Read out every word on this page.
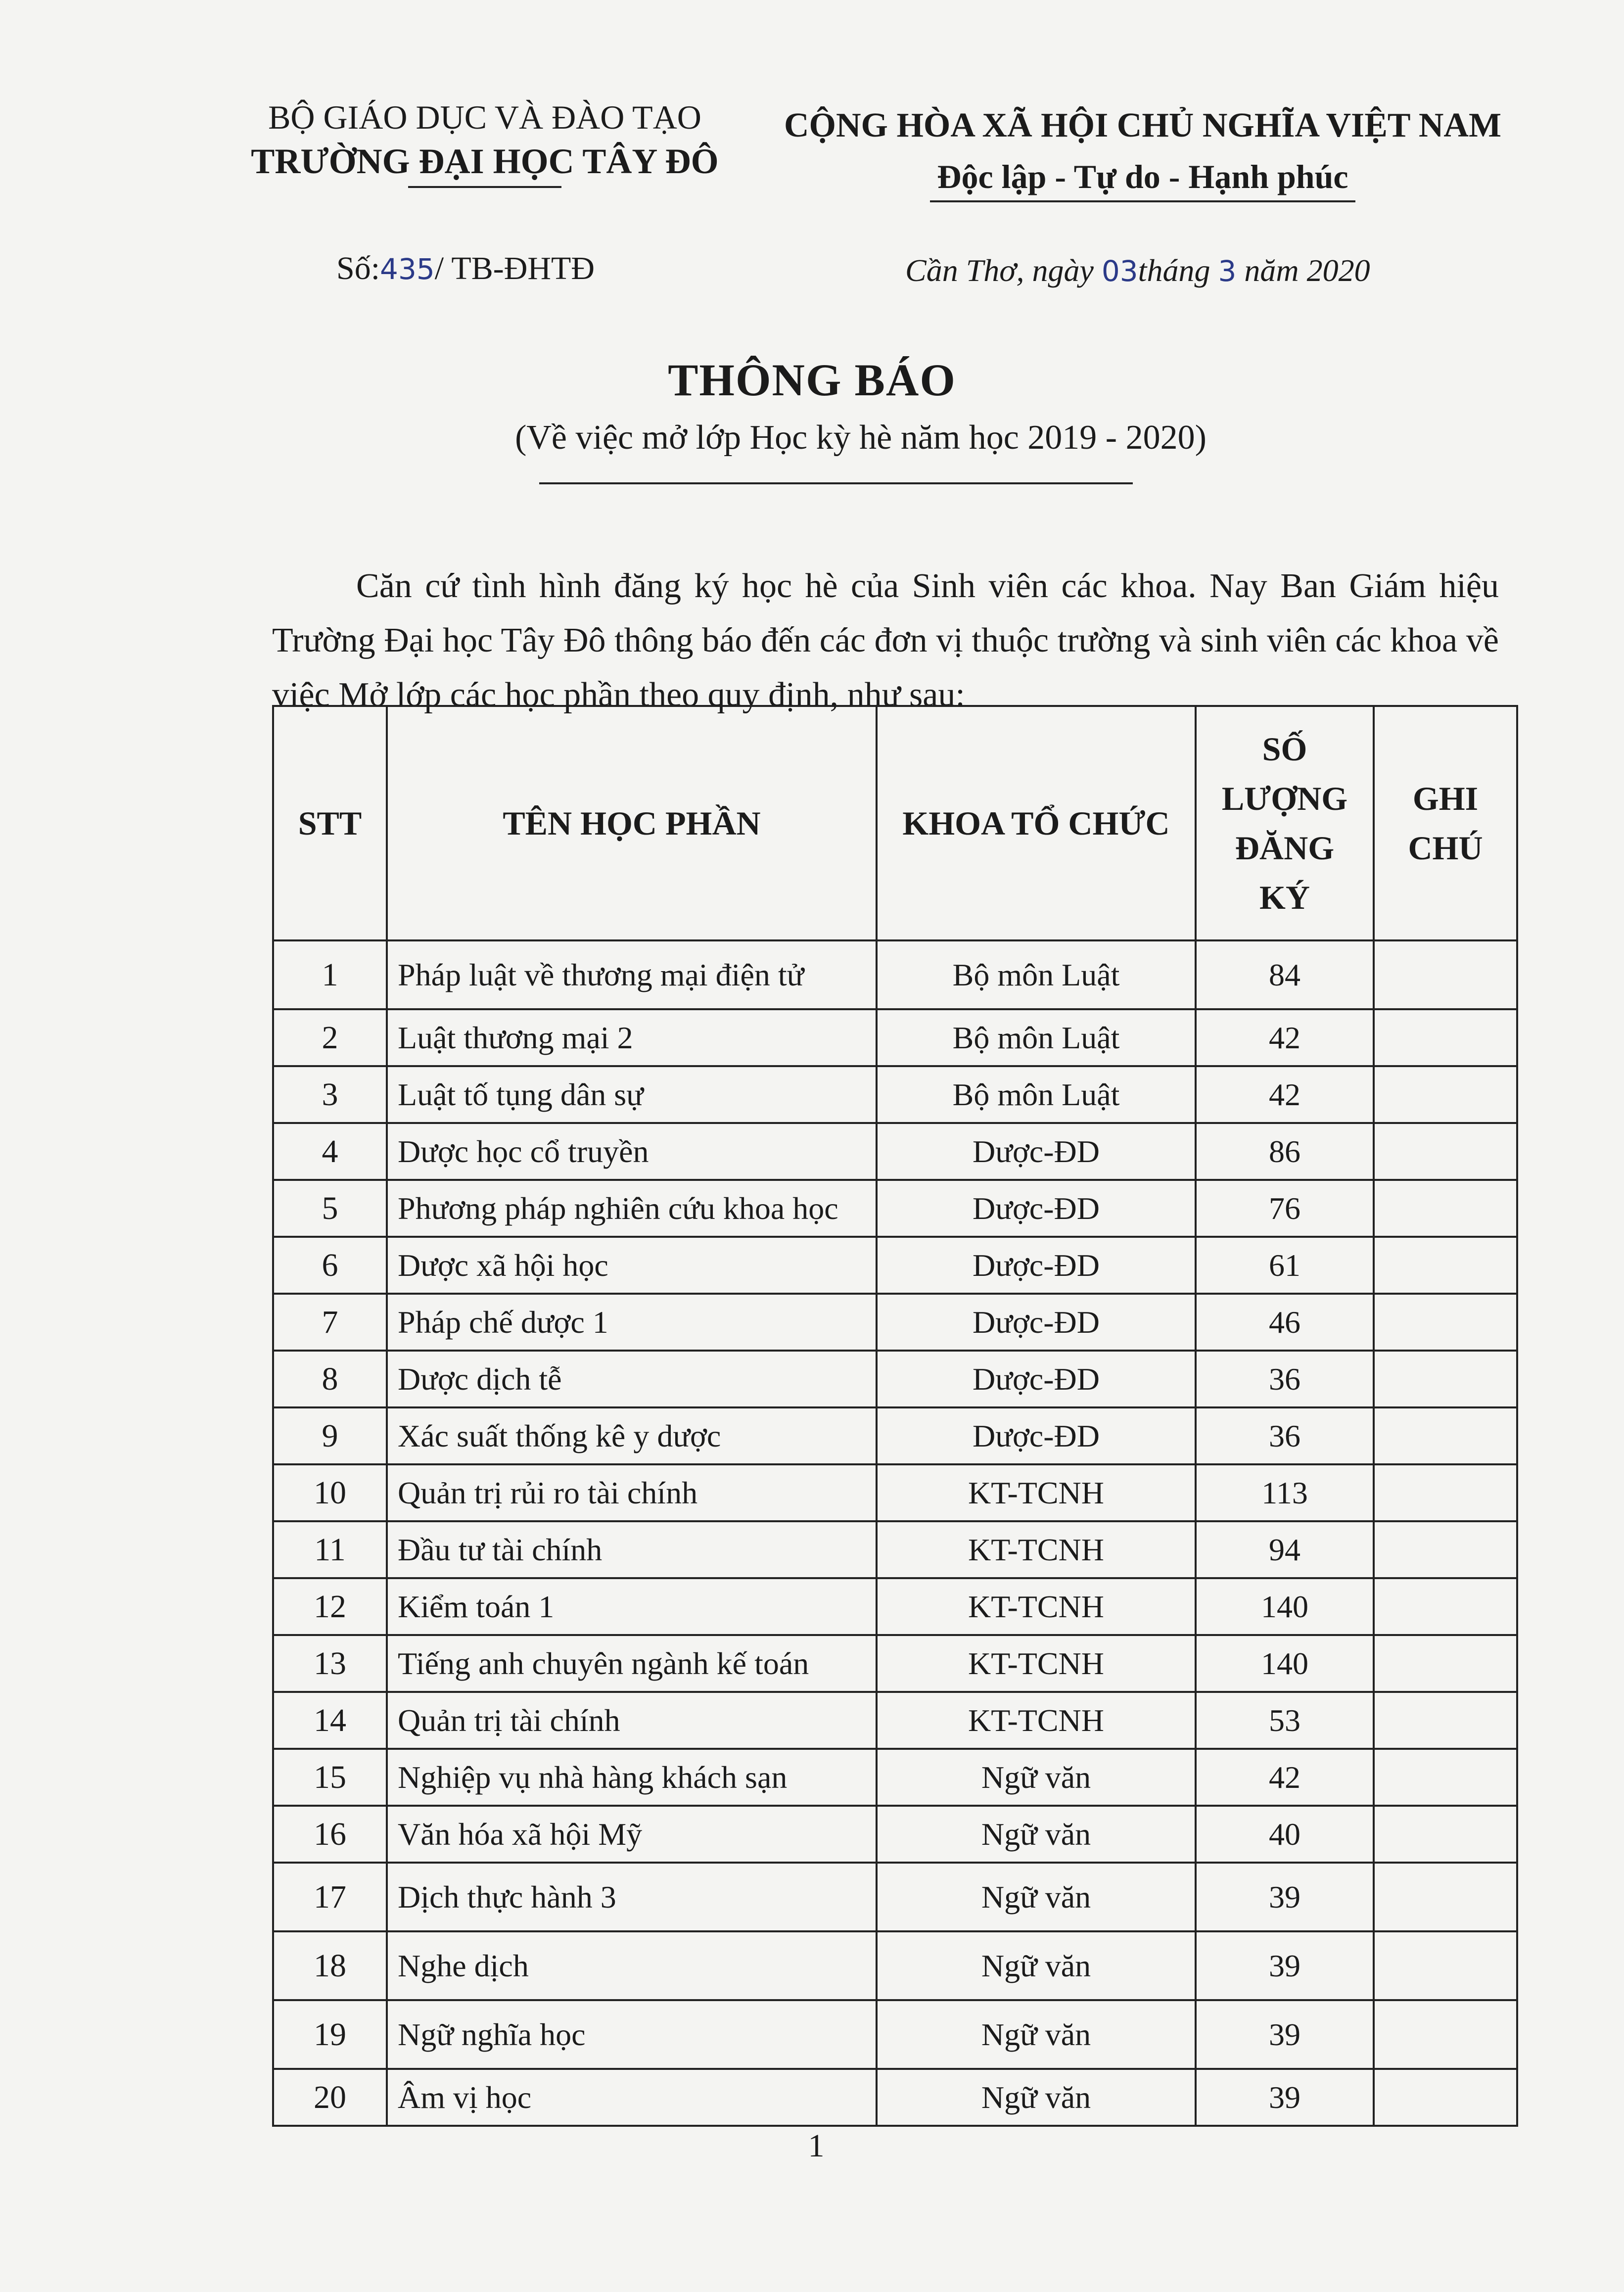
BỘ GIÁO DỤC VÀ ĐÀO TẠO
TRƯỜNG ĐẠI HỌC TÂY ĐÔ
CỘNG HÒA XÃ HỘI CHỦ NGHĨA VIỆT NAM
Độc lập - Tự do - Hạnh phúc
Số:435/ TB-ĐHTĐ	Cần Thơ, ngày 03tháng 3 năm 2020
THÔNG BÁO
(Về việc mở lớp Học kỳ hè năm học 2019 - 2020)

Căn cứ tình hình đăng ký học hè của Sinh viên các khoa. Nay Ban Giám hiệu Trường Đại học Tây Đô thông báo đến các đơn vị thuộc trường và sinh viên các khoa về việc Mở lớp các học phần theo quy định, như sau:

STT	TÊN HỌC PHẦN	KHOA TỔ CHỨC	SỐ LƯỢNG ĐĂNG KÝ	GHI CHÚ
1	Pháp luật về thương mại điện tử	Bộ môn Luật	84	
2	Luật thương mại 2	Bộ môn Luật	42	
3	Luật tố tụng dân sự	Bộ môn Luật	42	
4	Dược học cổ truyền	Dược-ĐD	86	
5	Phương pháp nghiên cứu khoa học	Dược-ĐD	76	
6	Dược xã hội học	Dược-ĐD	61	
7	Pháp chế dược 1	Dược-ĐD	46	
8	Dược dịch tễ	Dược-ĐD	36	
9	Xác suất thống kê y dược	Dược-ĐD	36	
10	Quản trị rủi ro tài chính	KT-TCNH	113	
11	Đầu tư tài chính	KT-TCNH	94	
12	Kiểm toán 1	KT-TCNH	140	
13	Tiếng anh chuyên ngành kế toán	KT-TCNH	140	
14	Quản trị tài chính	KT-TCNH	53	
15	Nghiệp vụ nhà hàng khách sạn	Ngữ văn	42	
16	Văn hóa xã hội Mỹ	Ngữ văn	40	
17	Dịch thực hành 3	Ngữ văn	39	
18	Nghe dịch	Ngữ văn	39	
19	Ngữ nghĩa học	Ngữ văn	39	
20	Âm vị học	Ngữ văn	39	
1
